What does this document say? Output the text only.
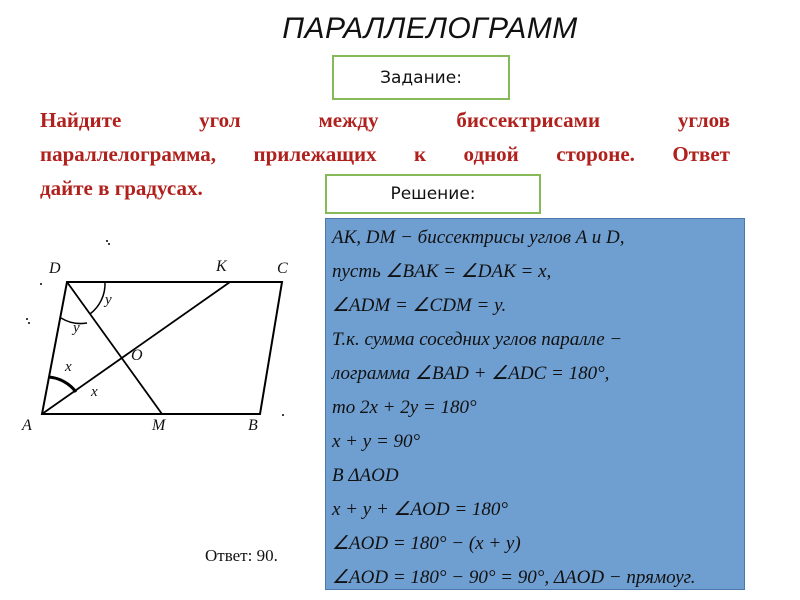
ПАРАЛЛЕЛОГРАММ
Задание:
Найдите угол между биссектрисами углов
параллелограмма, прилежащих к одной стороне. Ответ
дайте в градусах.	Решение:
AK, DM − биссектрисы углов A и D,
пусть ∠BAK = ∠DAK = x,
∠ADM = ∠CDM = y.
Т.к. сумма соседних углов паралле −
лограмма ∠BAD + ∠ADC = 180°,
то 2x + 2y = 180°
x + y = 90°
В ΔAOD
x + y + ∠AOD = 180°
∠AOD = 180° − (x + y)
∠AOD = 180° − 90° = 90°, ΔAOD − прямоуг.
D	K	C
A	M	B
O
y
y
x
x
Ответ: 90.
